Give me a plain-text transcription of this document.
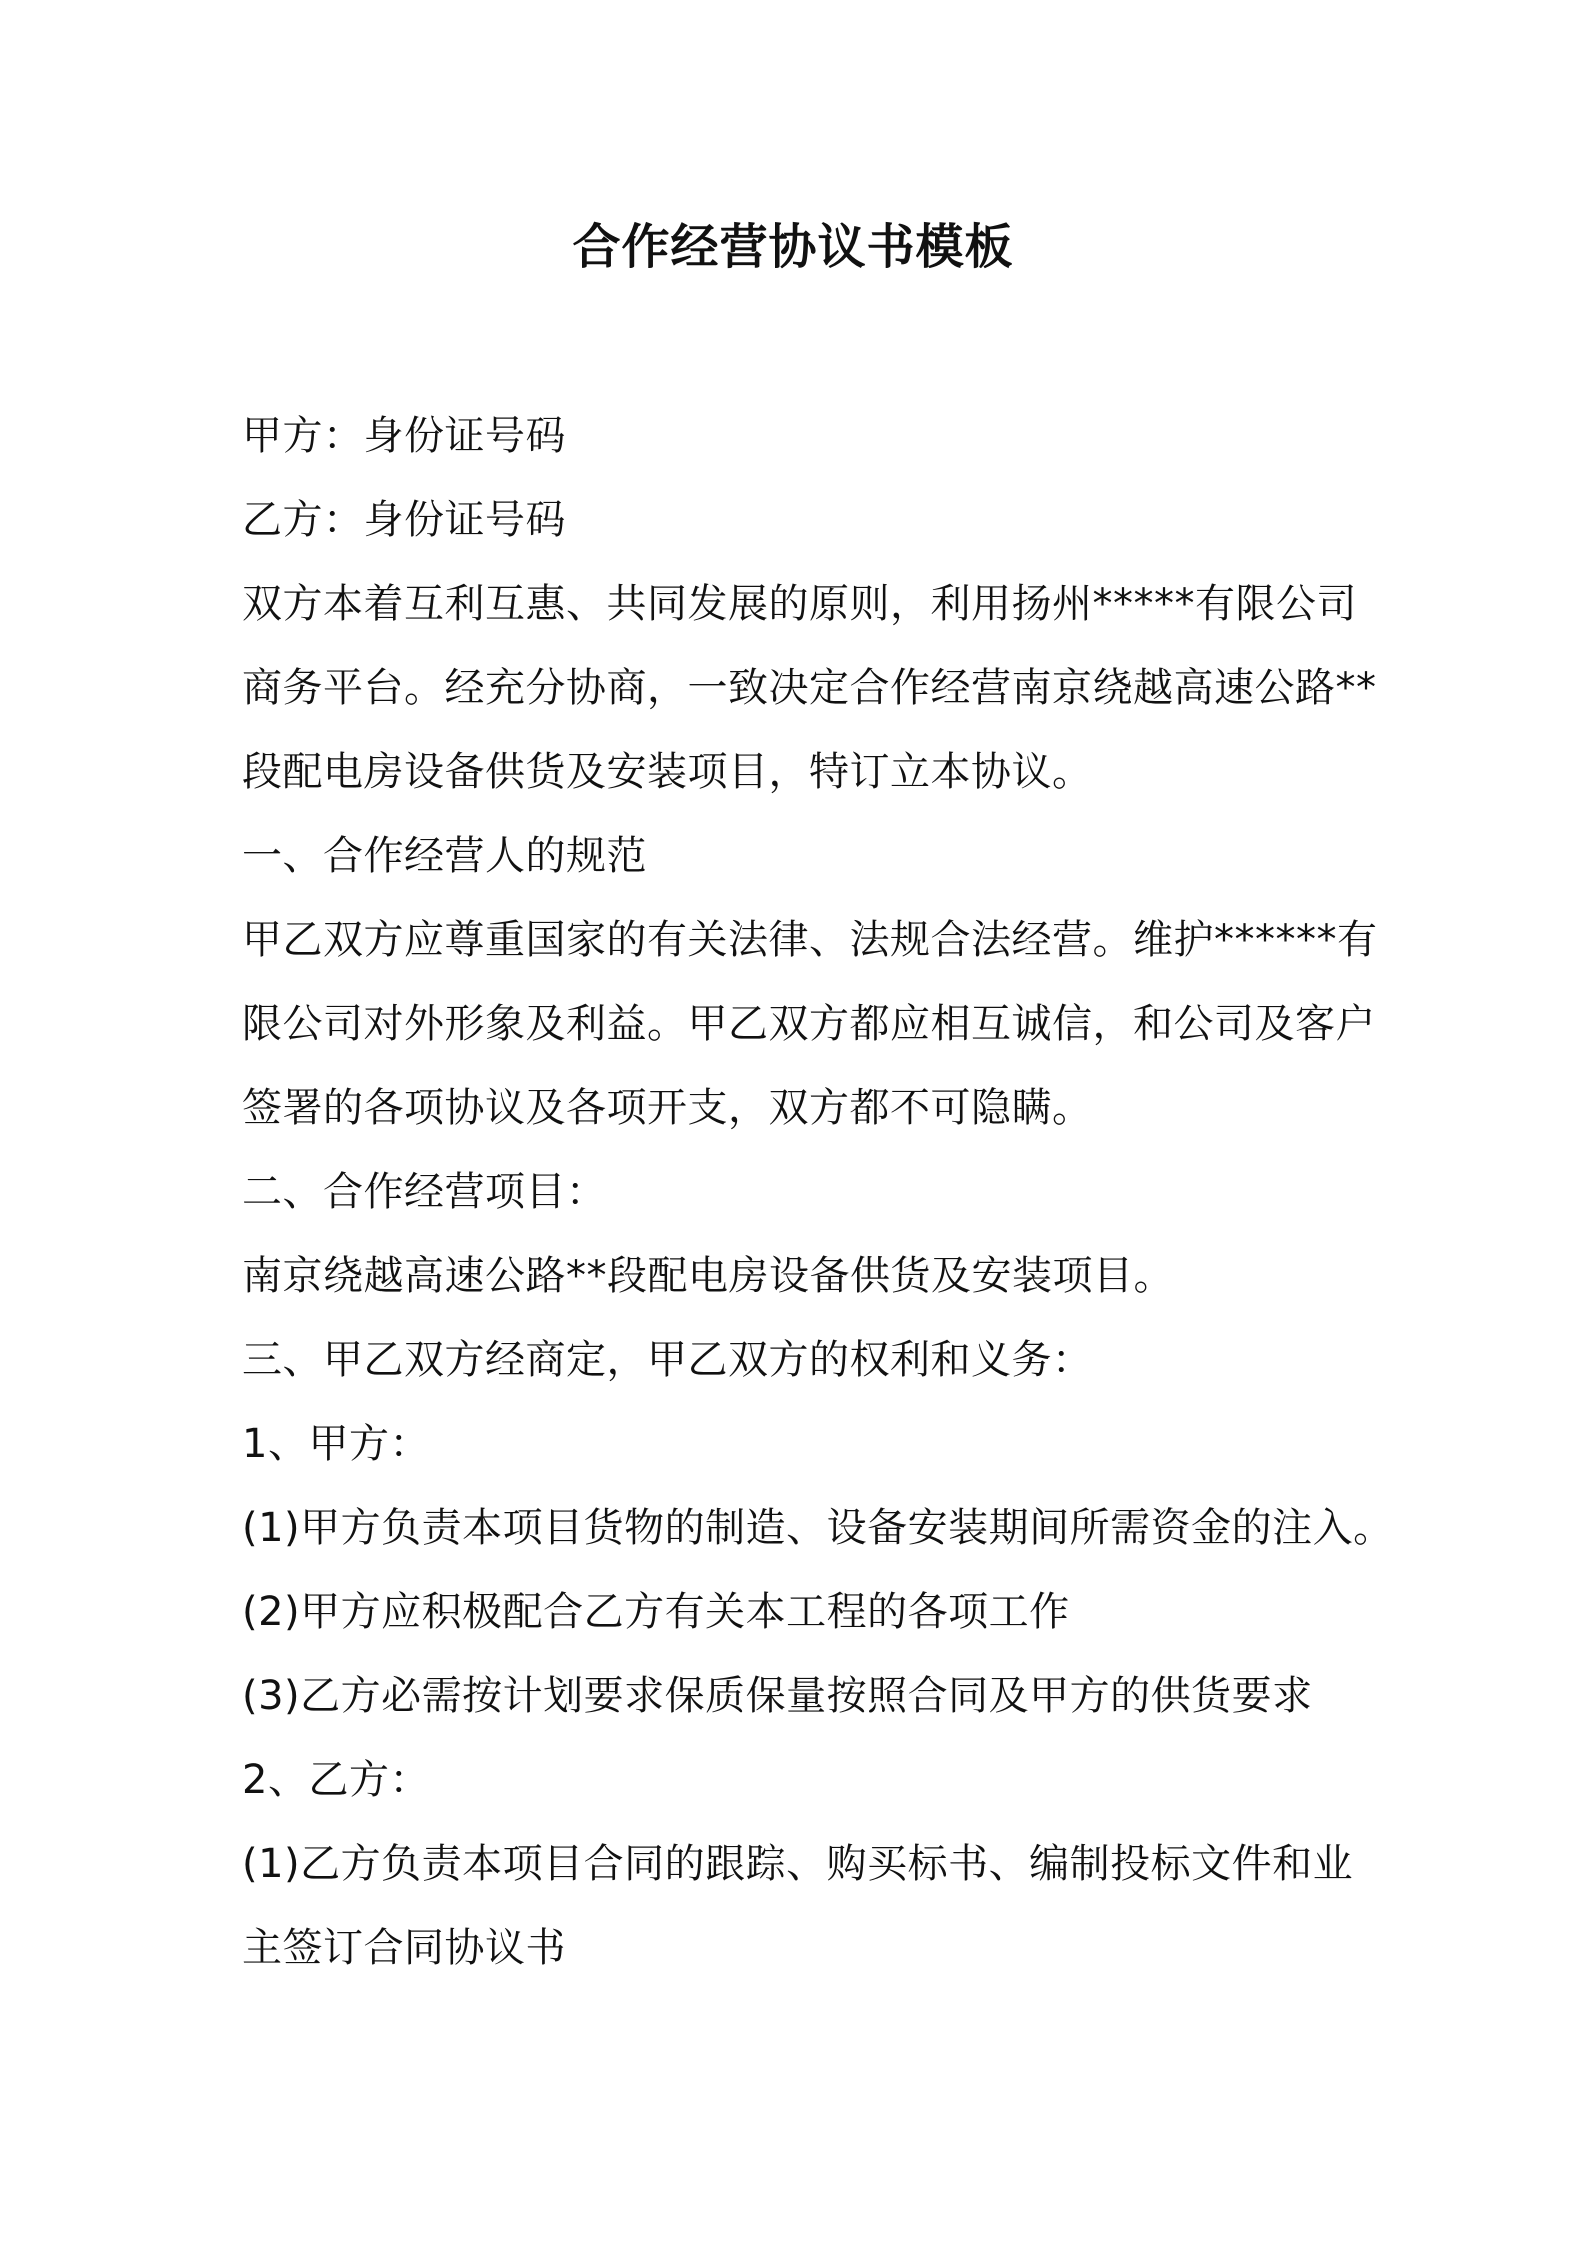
合作经营协议书模板
甲方：身份证号码
乙方：身份证号码
双方本着互利互惠、共同发展的原则，利用扬州*****有限公司
商务平台。经充分协商，一致决定合作经营南京绕越高速公路**
段配电房设备供货及安装项目，特订立本协议。
一、合作经营人的规范
甲乙双方应尊重国家的有关法律、法规合法经营。维护******有
限公司对外形象及利益。甲乙双方都应相互诚信，和公司及客户
签署的各项协议及各项开支，双方都不可隐瞒。
二、合作经营项目：
南京绕越高速公路**段配电房设备供货及安装项目。
三、甲乙双方经商定，甲乙双方的权利和义务：
1、甲方：
(1)甲方负责本项目货物的制造、设备安装期间所需资金的注入。
(2)甲方应积极配合乙方有关本工程的各项工作
(3)乙方必需按计划要求保质保量按照合同及甲方的供货要求
2、乙方：
(1)乙方负责本项目合同的跟踪、购买标书、编制投标文件和业
主签订合同协议书
